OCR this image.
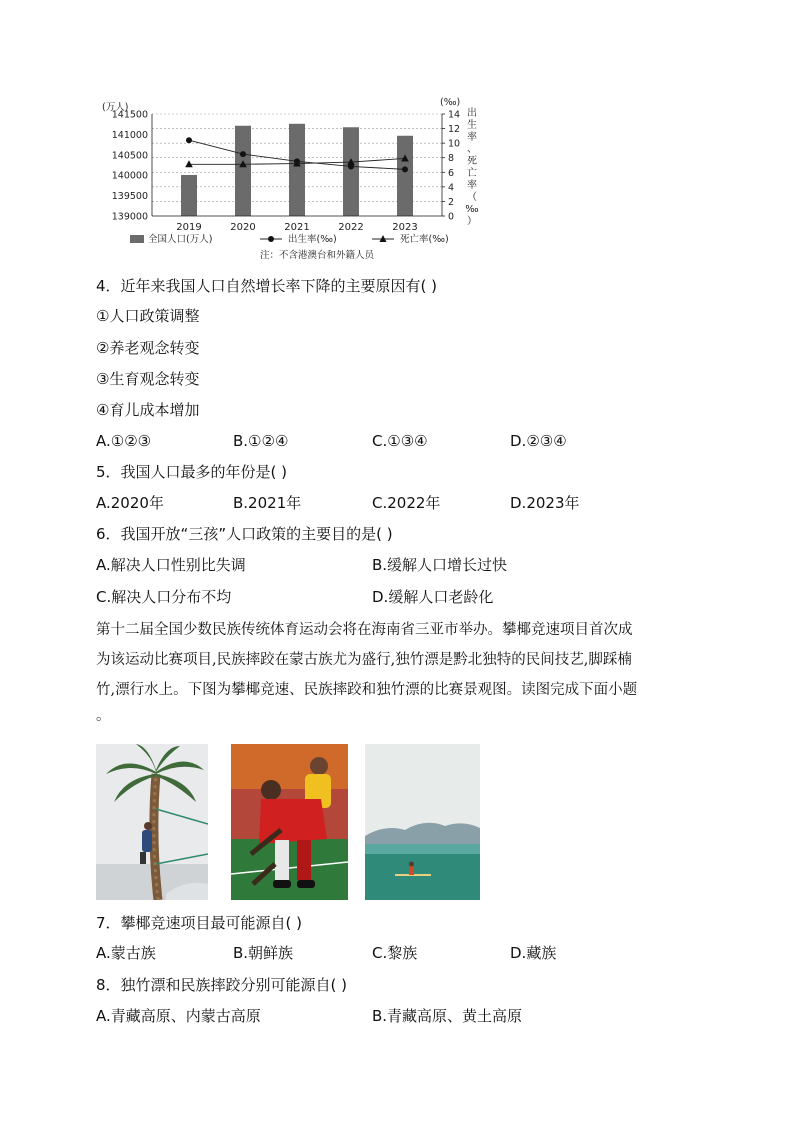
141500
141000
140500
140000
139500
139000
(万人)
14
12
10
8
6
4
2
0
(‰)
出
生
率
、
死
亡
率
（
‰
）
2019	2020	2021	2022	2023
全国人口(万人)	出生率(‰)	死亡率(‰)
注：不含港澳台和外籍人员
4．近年来我国人口自然增长率下降的主要原因有( )
①人口政策调整
②养老观念转变
③生育观念转变
④育儿成本增加
A.①②③	B.①②④	C.①③④	D.②③④
5．我国人口最多的年份是( )
A.2020年	B.2021年	C.2022年	D.2023年
6．我国开放“三孩”人口政策的主要目的是( )
A.解决人口性别比失调	B.缓解人口增长过快
C.解决人口分布不均	D.缓解人口老龄化
第十二届全国少数民族传统体育运动会将在海南省三亚市举办。攀椰竞速项目首次成
为该运动比赛项目,民族摔跤在蒙古族尤为盛行,独竹漂是黔北独特的民间技艺,脚踩楠
竹,漂行水上。下图为攀椰竞速、民族摔跤和独竹漂的比赛景观图。读图完成下面小题
。
7．攀椰竞速项目最可能源自( )
A.蒙古族	B.朝鲜族	C.黎族	D.藏族
8．独竹漂和民族摔跤分别可能源自( )
A.青藏高原、内蒙古高原	B.青藏高原、黄土高原
